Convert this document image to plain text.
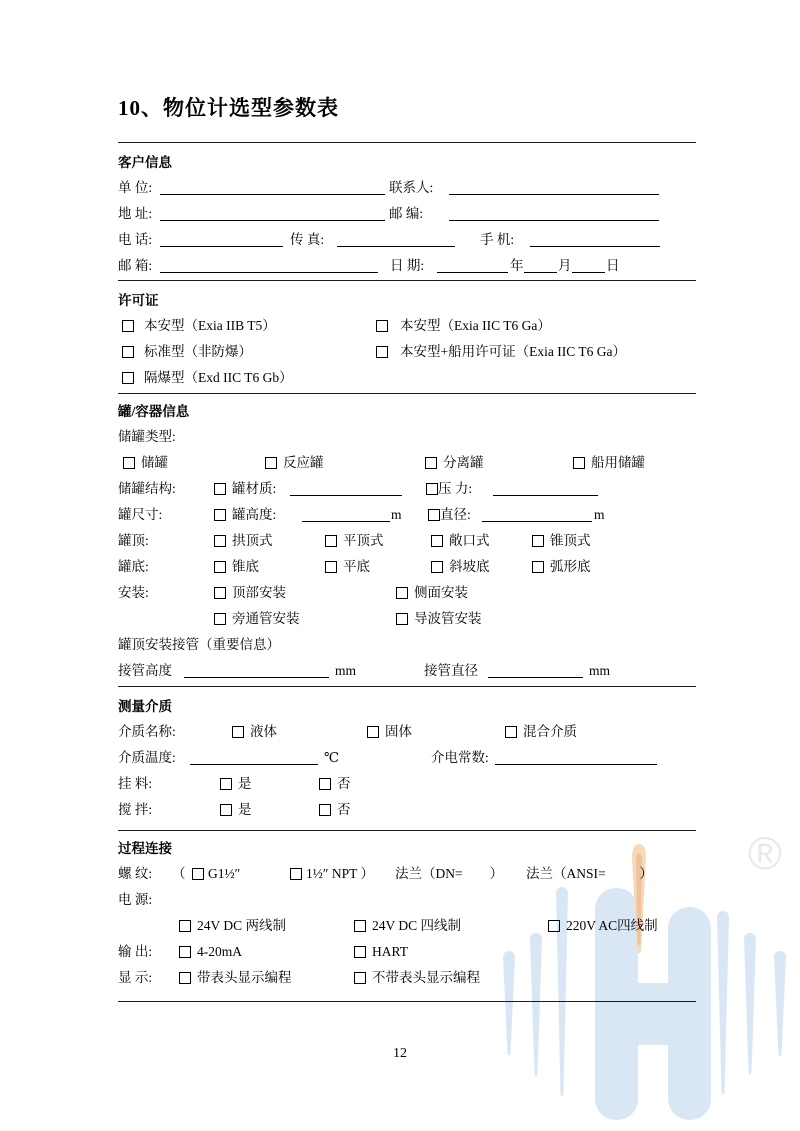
®
10、物位计选型参数表
客户信息
单 位:	联系人:
地 址:	邮 编:
电 话:	传 真:	手 机:
邮 箱:	日 期:	年	月	日
许可证
本安型（Exia IIB T5）	本安型（Exia IIC T6 Ga）
标准型（非防爆）	本安型+船用许可证（Exia IIC T6 Ga）
隔爆型（Exd IIC T6 Gb）
罐/容器信息
储罐类型:
储罐	反应罐	分离罐	船用储罐
储罐结构:	罐材质:	压 力:
罐尺寸:	罐高度:	m	直径:	m
罐顶:	拱顶式	平顶式	敞口式	锥顶式
罐底:	锥底	平底	斜坡底	弧形底
安装:	顶部安装	侧面安装
旁通管安装	导波管安装
罐顶安装接管（重要信息）
接管高度	mm	接管直径	mm
测量介质
介质名称:	液体	固体	混合介质
介质温度:	℃	介电常数:
挂 料:	是	否
搅 拌:	是	否
过程连接
螺 纹: （ G1½″	1½″ NPT ） 法兰（DN=        ） 法兰（ANSI=          ）
电 源:
24V DC 两线制	24V DC 四线制	220V AC四线制
输 出:	4-20mA	HART
显 示:	带表头显示编程	不带表头显示编程
12
